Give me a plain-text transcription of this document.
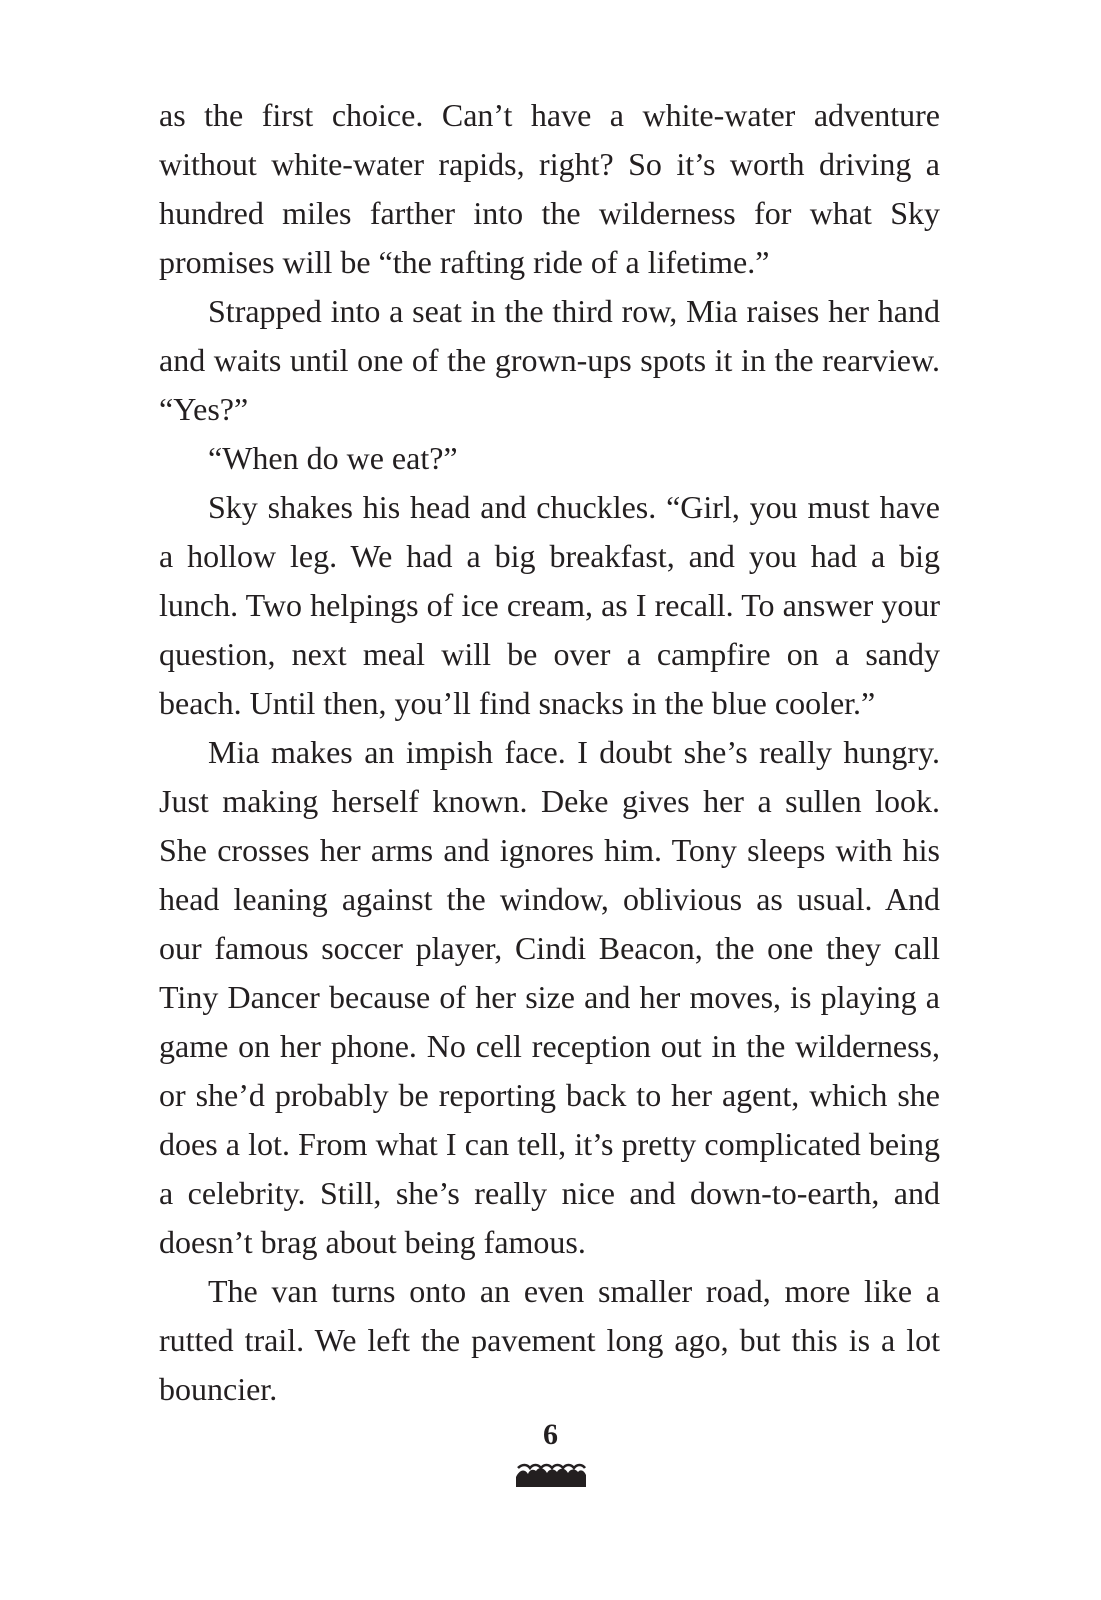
as the first choice. Can’t have a white-water adventure without white-water rapids, right? So it’s worth driving a hundred miles farther into the wilderness for what Sky promises will be “the rafting ride of a lifetime.”

Strapped into a seat in the third row, Mia raises her hand and waits until one of the grown-ups spots it in the rearview. “Yes?”

“When do we eat?”

Sky shakes his head and chuckles. “Girl, you must have a hollow leg. We had a big breakfast, and you had a big lunch. Two helpings of ice cream, as I recall. To answer your question, next meal will be over a campfire on a sandy beach. Until then, you’ll find snacks in the blue cooler.”

Mia makes an impish face. I doubt she’s really hungry. Just making herself known. Deke gives her a sullen look. She crosses her arms and ignores him. Tony sleeps with his head leaning against the window, oblivious as usual. And our famous soccer player, Cindi Beacon, the one they call Tiny Dancer because of her size and her moves, is playing a game on her phone. No cell reception out in the wilderness, or she’d probably be reporting back to her agent, which she does a lot. From what I can tell, it’s pretty complicated being a celebrity. Still, she’s really nice and down-to-earth, and doesn’t brag about being famous.

The van turns onto an even smaller road, more like a rutted trail. We left the pavement long ago, but this is a lot bouncier.

6
